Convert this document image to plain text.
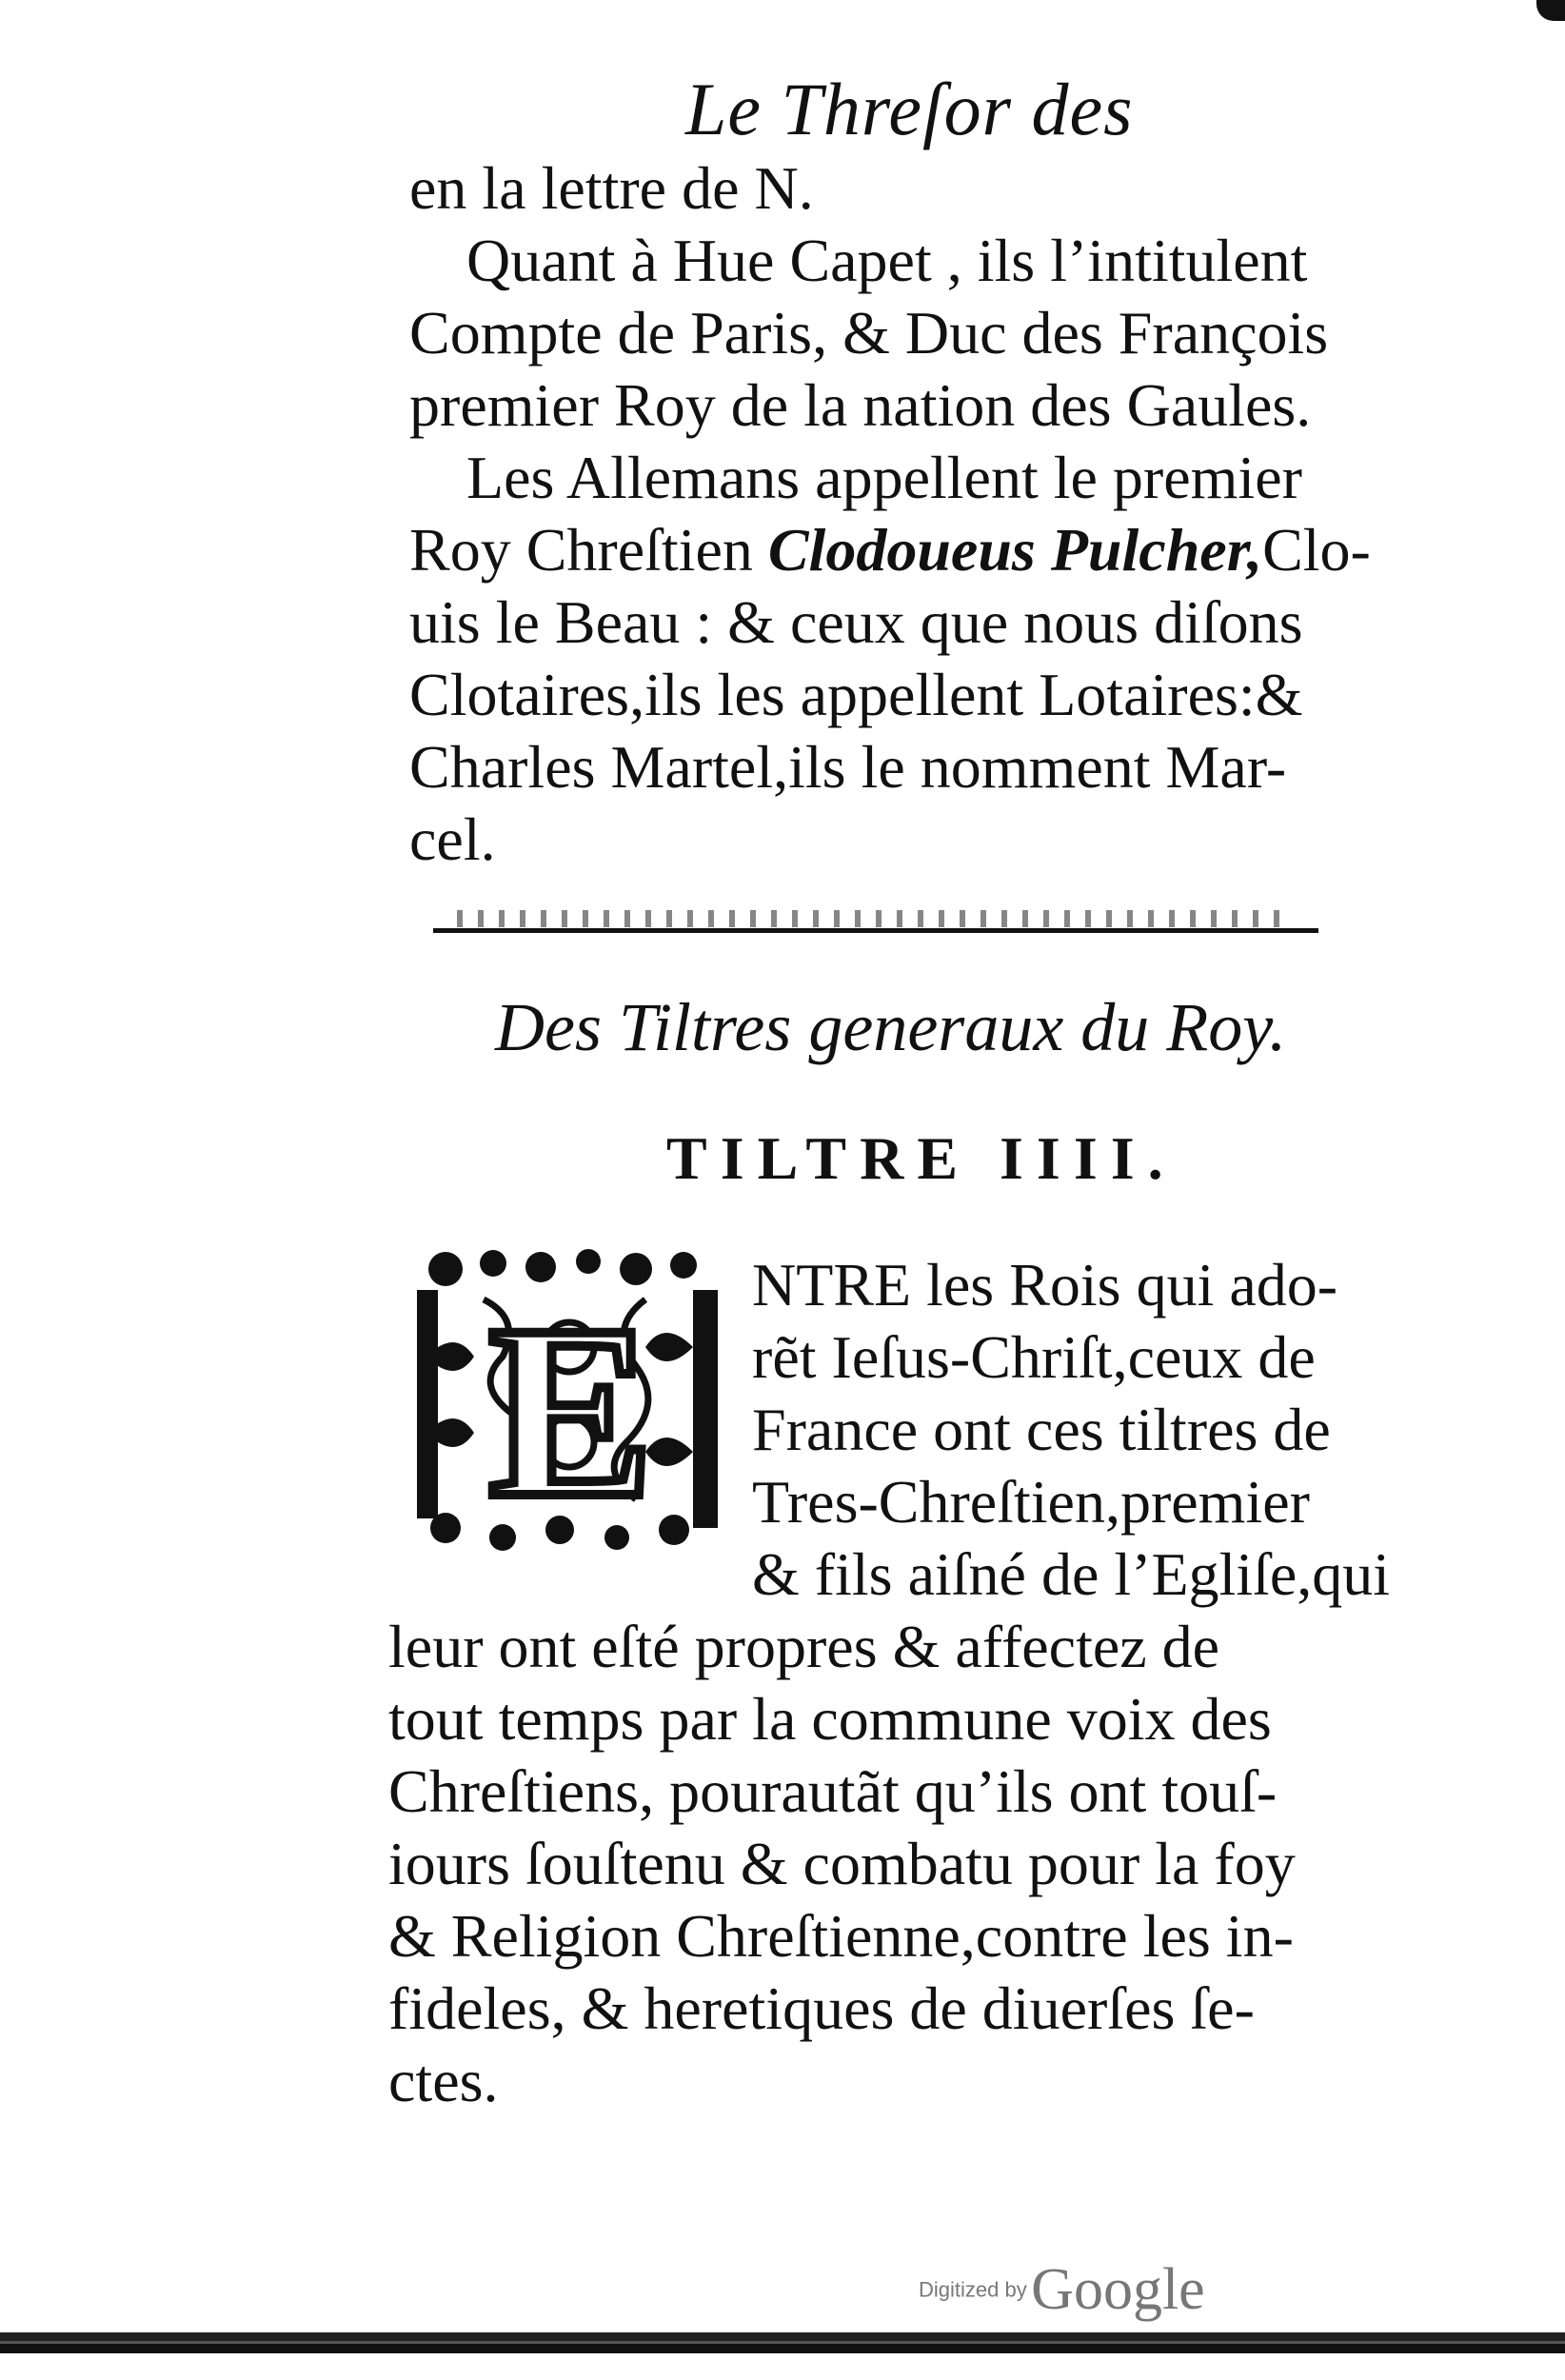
Le Threſor des
en la lettre de N.
Quant à Hue Capet , ils l’intitulent
Compte de Paris, & Duc des François
premier Roy de la nation des Gaules.
Les Allemans appellent le premier
Roy Chreſtien Clodoueus Pulcher,Clo-
uis le Beau : & ceux que nous diſons
Clotaires,ils les appellent Lotaires:&
Charles Martel,ils le nomment Mar-
cel.
Des Tiltres generaux du Roy.
TILTRE IIII.
E NTRE les Rois qui ado-
rẽt Ieſus-Chriſt,ceux de
France ont ces tiltres de
Tres-Chreſtien,premier
& fils aiſné de l’Egliſe,qui
leur ont eſté propres & affectez de
tout temps par la commune voix des
Chreſtiens, pourautãt qu’ils ont touſ-
iours ſouſtenu & combatu pour la foy
& Religion Chreſtienne,contre les in-
fideles, & heretiques de diuerſes ſe-
ctes.
Digitized by Google
